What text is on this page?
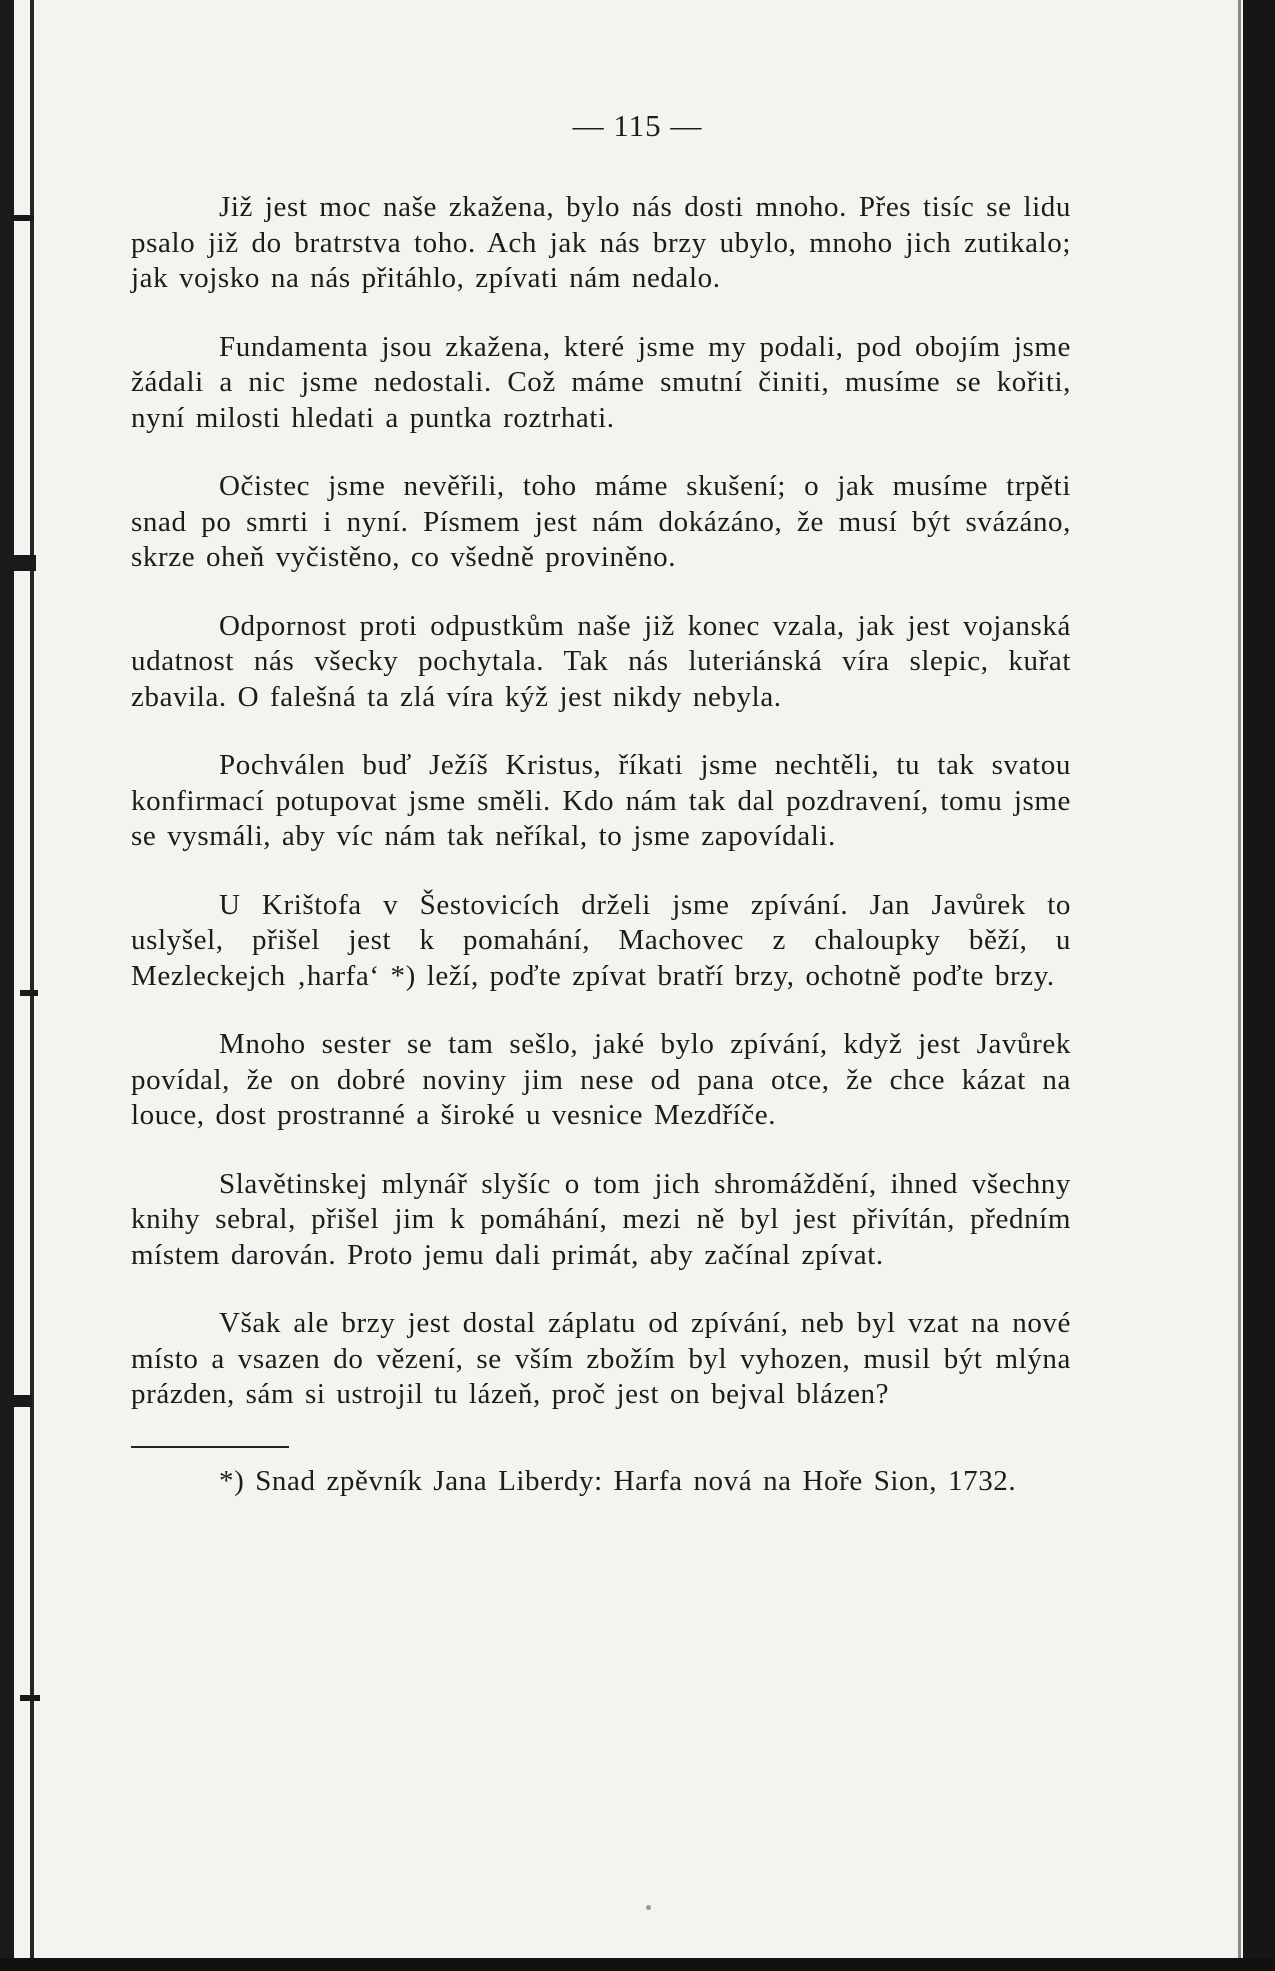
— 115 —

Již jest moc naše zkažena, bylo nás dosti mnoho. Přes tisíc se lidu psalo již do bratrstva toho. Ach jak nás brzy ubylo, mnoho jich zutikalo; jak vojsko na nás přitáhlo, zpívati nám nedalo.

Fundamenta jsou zkažena, které jsme my podali, pod obojím jsme žádali a nic jsme nedostali. Což máme smutní činiti, musíme se kořiti, nyní milosti hledati a puntka roztrhati.

Očistec jsme nevěřili, toho máme skušení; o jak musíme trpěti snad po smrti i nyní. Písmem jest nám dokázáno, že musí být svázáno, skrze oheň vyčistěno, co všedně proviněno.

Odpornost proti odpustkům naše již konec vzala, jak jest vojanská udatnost nás všecky pochytala. Tak nás luteriánská víra slepic, kuřat zbavila. O falešná ta zlá víra kýž jest nikdy nebyla.

Pochválen buď Ježíš Kristus, říkati jsme nechtěli, tu tak svatou konfirmací potupovat jsme směli. Kdo nám tak dal pozdravení, tomu jsme se vysmáli, aby víc nám tak neříkal, to jsme zapovídali.

U Krištofa v Šestovicích drželi jsme zpívání. Jan Javůrek to uslyšel, přišel jest k pomahání, Machovec z chaloupky běží, u Mezleckejch ‚harfa‘ *) leží, poďte zpívat bratří brzy, ochotně poďte brzy.

Mnoho sester se tam sešlo, jaké bylo zpívání, když jest Javůrek povídal, že on dobré noviny jim nese od pana otce, že chce kázat na louce, dost prostranné a široké u vesnice Mezdříče.

Slavětinskej mlynář slyšíc o tom jich shromáždění, ihned všechny knihy sebral, přišel jim k pomáhání, mezi ně byl jest přivítán, předním místem darován. Proto jemu dali primát, aby začínal zpívat.

Však ale brzy jest dostal záplatu od zpívání, neb byl vzat na nové místo a vsazen do vězení, se vším zbožím byl vyhozen, musil být mlýna prázden, sám si ustrojil tu lázeň, proč jest on bejval blázen?

*) Snad zpěvník Jana Liberdy: Harfa nová na Hoře Sion, 1732.
